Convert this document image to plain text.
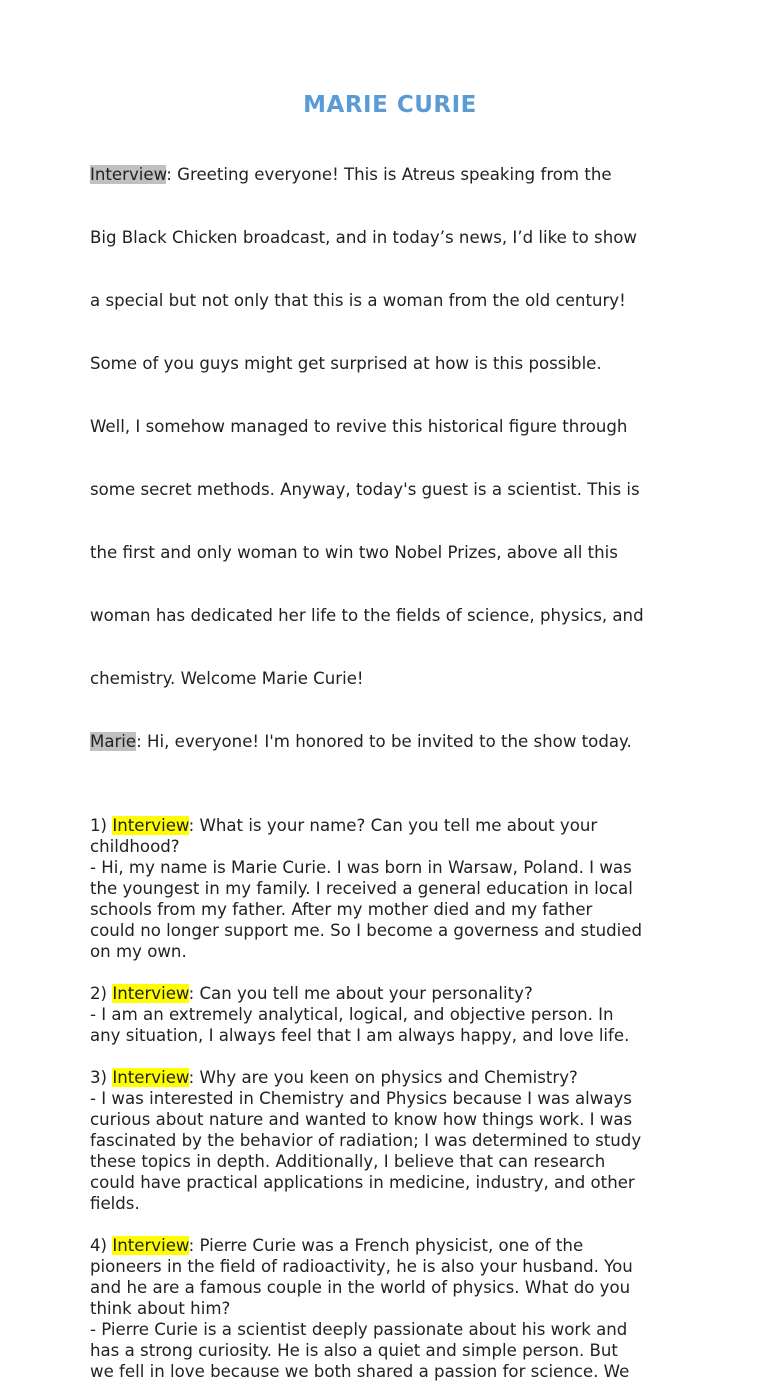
MARIE CURIE

Interview: Greeting everyone! This is Atreus speaking from the

Big Black Chicken broadcast, and in today’s news, I’d like to show

a special but not only that this is a woman from the old century!

Some of you guys might get surprised at how is this possible.

Well, I somehow managed to revive this historical figure through

some secret methods. Anyway, today's guest is a scientist. This is

the first and only woman to win two Nobel Prizes, above all this

woman has dedicated her life to the fields of science, physics, and

chemistry. Welcome Marie Curie!

Marie: Hi, everyone! I'm honored to be invited to the show today.

1) Interview: What is your name? Can you tell me about your
childhood?
- Hi, my name is Marie Curie. I was born in Warsaw, Poland. I was
the youngest in my family. I received a general education in local
schools from my father. After my mother died and my father
could no longer support me. So I become a governess and studied
on my own.
2) Interview: Can you tell me about your personality?
- I am an extremely analytical, logical, and objective person. In
any situation, I always feel that I am always happy, and love life.
3) Interview: Why are you keen on physics and Chemistry?
- I was interested in Chemistry and Physics because I was always
curious about nature and wanted to know how things work. I was
fascinated by the behavior of radiation; I was determined to study
these topics in depth. Additionally, I believe that can research
could have practical applications in medicine, industry, and other
fields.
4) Interview: Pierre Curie was a French physicist, one of the
pioneers in the field of radioactivity, he is also your husband. You
and he are a famous couple in the world of physics. What do you
think about him?
- Pierre Curie is a scientist deeply passionate about his work and
has a strong curiosity. He is also a quiet and simple person. But
we fell in love because we both shared a passion for science. We
